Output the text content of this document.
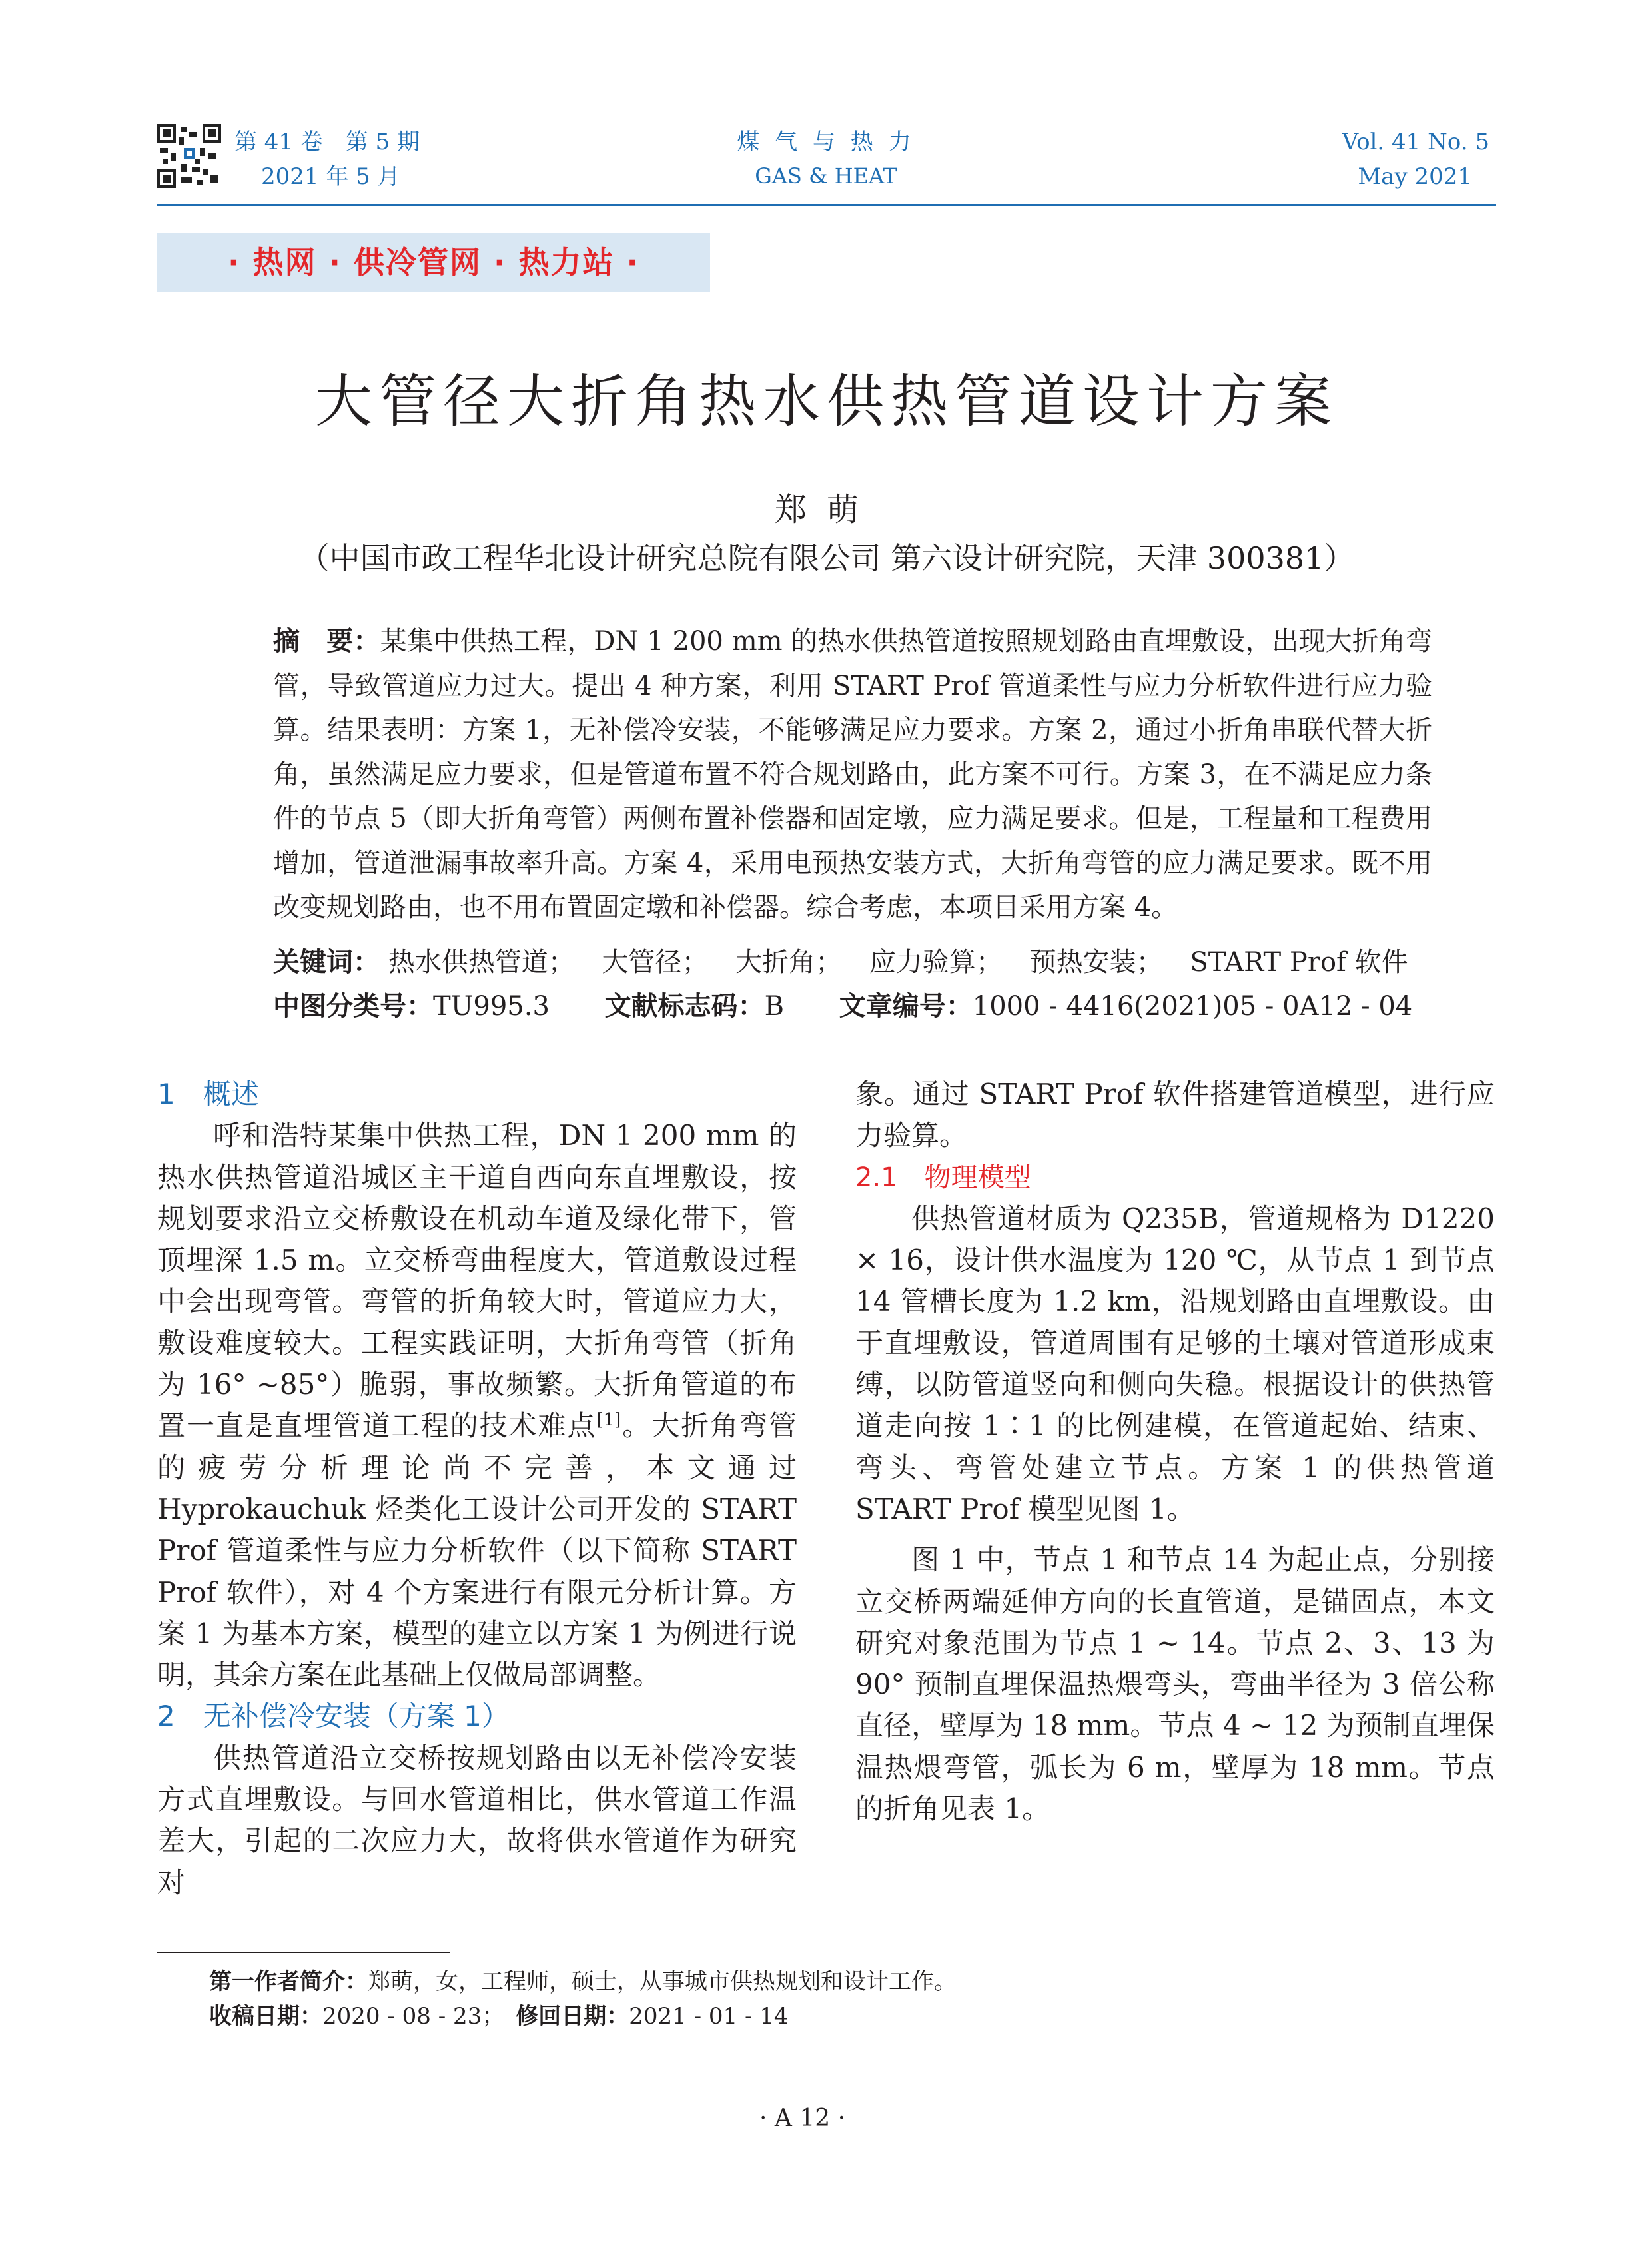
第 41 卷　第 5 期
2021 年 5 月
煤 气 与 热 力
GAS & HEAT
Vol. 41 No. 5
May 2021
· 热网 · 供冷管网 · 热力站 ·
大管径大折角热水供热管道设计方案
郑萌
（中国市政工程华北设计研究总院有限公司 第六设计研究院，天津 300381）
摘　要：某集中供热工程，DN 1 200 mm 的热水供热管道按照规划路由直埋敷设，出现大折角弯管，导致管道应力过大。提出 4 种方案，利用 START Prof 管道柔性与应力分析软件进行应力验算。结果表明：方案 1，无补偿冷安装，不能够满足应力要求。方案 2，通过小折角串联代替大折角，虽然满足应力要求，但是管道布置不符合规划路由，此方案不可行。方案 3，在不满足应力条件的节点 5（即大折角弯管）两侧布置补偿器和固定墩，应力满足要求。但是，工程量和工程费用增加，管道泄漏事故率升高。方案 4，采用电预热安装方式，大折角弯管的应力满足要求。既不用改变规划路由，也不用布置固定墩和补偿器。综合考虑，本项目采用方案 4。
关键词： 热水供热管道； 大管径； 大折角； 应力验算； 预热安装； START Prof 软件
中图分类号：TU995.3 文献标志码：B 文章编号：1000 - 4416(2021)05 - 0A12 - 04
1　 概述

呼和浩特某集中供热工程，DN 1 200 mm 的热水供热管道沿城区主干道自西向东直埋敷设，按规划要求沿立交桥敷设在机动车道及绿化带下，管顶埋深 1.5 m。立交桥弯曲程度大，管道敷设过程中会出现弯管。弯管的折角较大时，管道应力大，敷设难度较大。工程实践证明，大折角弯管（折角为 16° ~85°）脆弱，事故频繁。大折角管道的布置一直是直埋管道工程的技术难点[1]。大折角弯管的疲劳分析理论尚不完善，本文通过 Hyprokauchuk 烃类化工设计公司开发的 START Prof 管道柔性与应力分析软件（以下简称 START Prof 软件），对 4 个方案进行有限元分析计算。方案 1 为基本方案，模型的建立以方案 1 为例进行说明，其余方案在此基础上仅做局部调整。

2　 无补偿冷安装（方案 1）

供热管道沿立交桥按规划路由以无补偿冷安装方式直埋敷设。与回水管道相比，供水管道工作温差大，引起的二次应力大，故将供水管道作为研究对

象。通过 START Prof 软件搭建管道模型，进行应力验算。
2.1　 物理模型

供热管道材质为 Q235B，管道规格为 D1220 × 16，设计供水温度为 120 ℃，从节点 1 到节点 14 管槽长度为 1.2 km，沿规划路由直埋敷设。由于直埋敷设，管道周围有足够的土壤对管道形成束缚，以防管道竖向和侧向失稳。根据设计的供热管道走向按 1∶1 的比例建模，在管道起始、结束、弯头、弯管处建立节点。方案 1 的供热管道 START Prof 模型见图 1。

图 1 中，节点 1 和节点 14 为起止点，分别接立交桥两端延伸方向的长直管道，是锚固点，本文研究对象范围为节点 1 ~ 14。节点 2、3、13 为 90° 预制直埋保温热煨弯头，弯曲半径为 3 倍公称直径，壁厚为 18 mm。节点 4 ~ 12 为预制直埋保温热煨弯管，弧长为 6 m，壁厚为 18 mm。节点的折角见表 1。

第一作者简介：郑萌，女，工程师，硕士，从事城市供热规划和设计工作。
收稿日期：2020 - 08 - 23；　 修回日期：2021 - 01 - 14
· A 12 ·
